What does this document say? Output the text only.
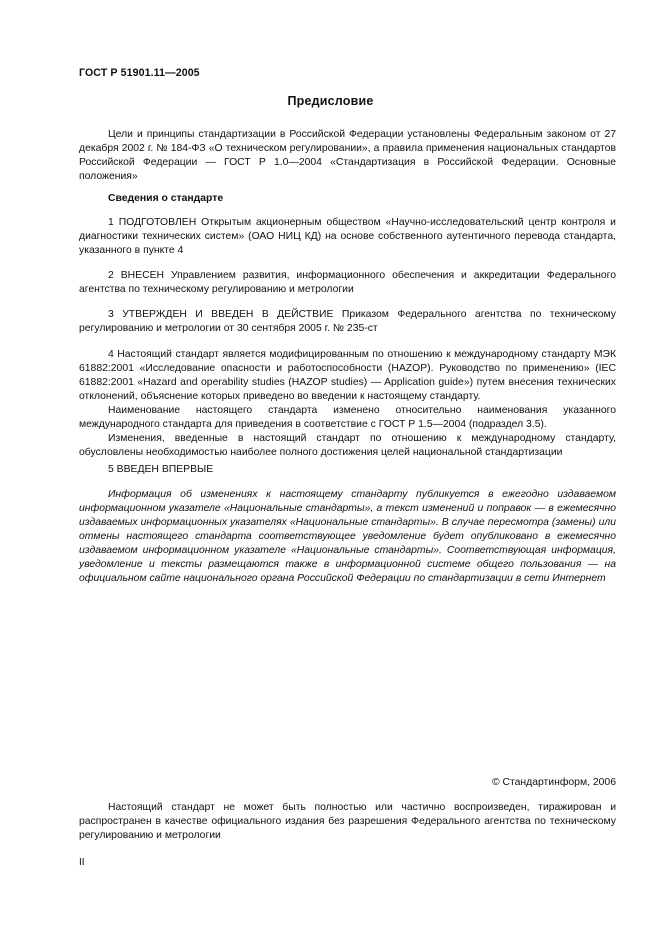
ГОСТ Р 51901.11—2005
Предисловие

Цели и принципы стандартизации в Российской Федерации установлены Федеральным законом от 27 декабря 2002 г. № 184-ФЗ «О техническом регулировании», а правила применения национальных стандартов Российской Федерации — ГОСТ Р 1.0—2004 «Стандартизация в Российской Федерации. Основные положения»

Сведения о стандарте

1 ПОДГОТОВЛЕН Открытым акционерным обществом «Научно-исследовательский центр контроля и диагностики технических систем» (ОАО НИЦ КД) на основе собственного аутентичного перевода стандарта, указанного в пункте 4

2 ВНЕСЕН Управлением развития, информационного обеспечения и аккредитации Федерального агентства по техническому регулированию и метрологии

3 УТВЕРЖДЕН И ВВЕДЕН В ДЕЙСТВИЕ Приказом Федерального агентства по техническому регулированию и метрологии от 30 сентября 2005 г. № 235-ст

4 Настоящий стандарт является модифицированным по отношению к международному стандарту МЭК 61882:2001 «Исследование опасности и работоспособности (HAZOP). Руководство по применению» (IEC 61882:2001 «Hazard and operability studies (HAZOP studies) — Application guide») путем внесения технических отклонений, объяснение которых приведено во введении к настоящему стандарту.

Наименование настоящего стандарта изменено относительно наименования указанного международного стандарта для приведения в соответствие с ГОСТ Р 1.5—2004 (подраздел 3.5).

Изменения, введенные в настоящий стандарт по отношению к международному стандарту, обусловлены необходимостью наиболее полного достижения целей национальной стандартизации

5 ВВЕДЕН ВПЕРВЫЕ

Информация об изменениях к настоящему стандарту публикуется в ежегодно издаваемом информационном указателе «Национальные стандарты», а текст изменений и поправок — в ежемесячно издаваемых информационных указателях «Национальные стандарты». В случае пересмотра (замены) или отмены настоящего стандарта соответствующее уведомление будет опубликовано в ежемесячно издаваемом информационном указателе «Национальные стандарты». Соответствующая информация, уведомление и тексты размещаются также в информационной системе общего пользования — на официальном сайте национального органа Российской Федерации по стандартизации в сети Интернет

© Стандартинформ, 2006

Настоящий стандарт не может быть полностью или частично воспроизведен, тиражирован и распространен в качестве официального издания без разрешения Федерального агентства по техническому регулированию и метрологии

II
